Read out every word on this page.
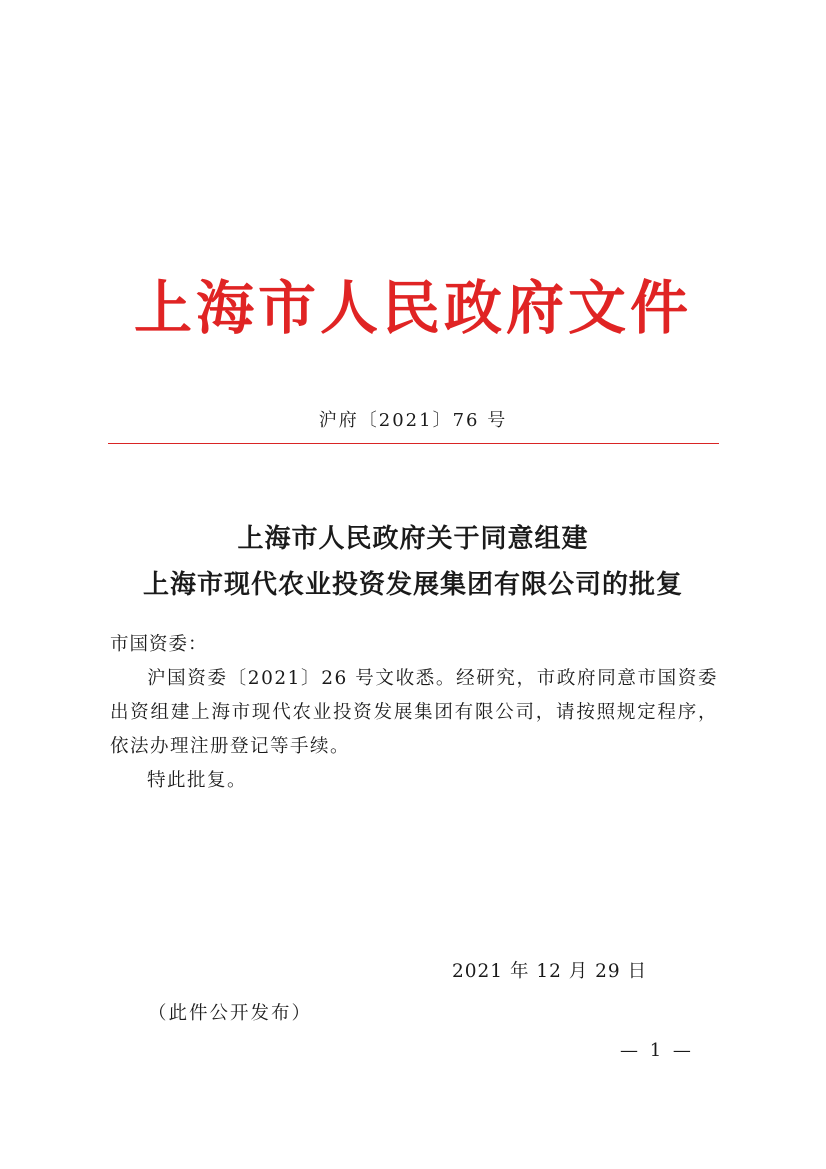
上海市人民政府文件
沪府〔2021〕76 号
上海市人民政府关于同意组建
上海市现代农业投资发展集团有限公司的批复

市国资委：

沪国资委〔2021〕26 号文收悉。经研究，市政府同意市国资委出资组建上海市现代农业投资发展集团有限公司，请按照规定程序，依法办理注册登记等手续。

特此批复。

2021 年 12 月 29 日
（此件公开发布）
— 1 —
